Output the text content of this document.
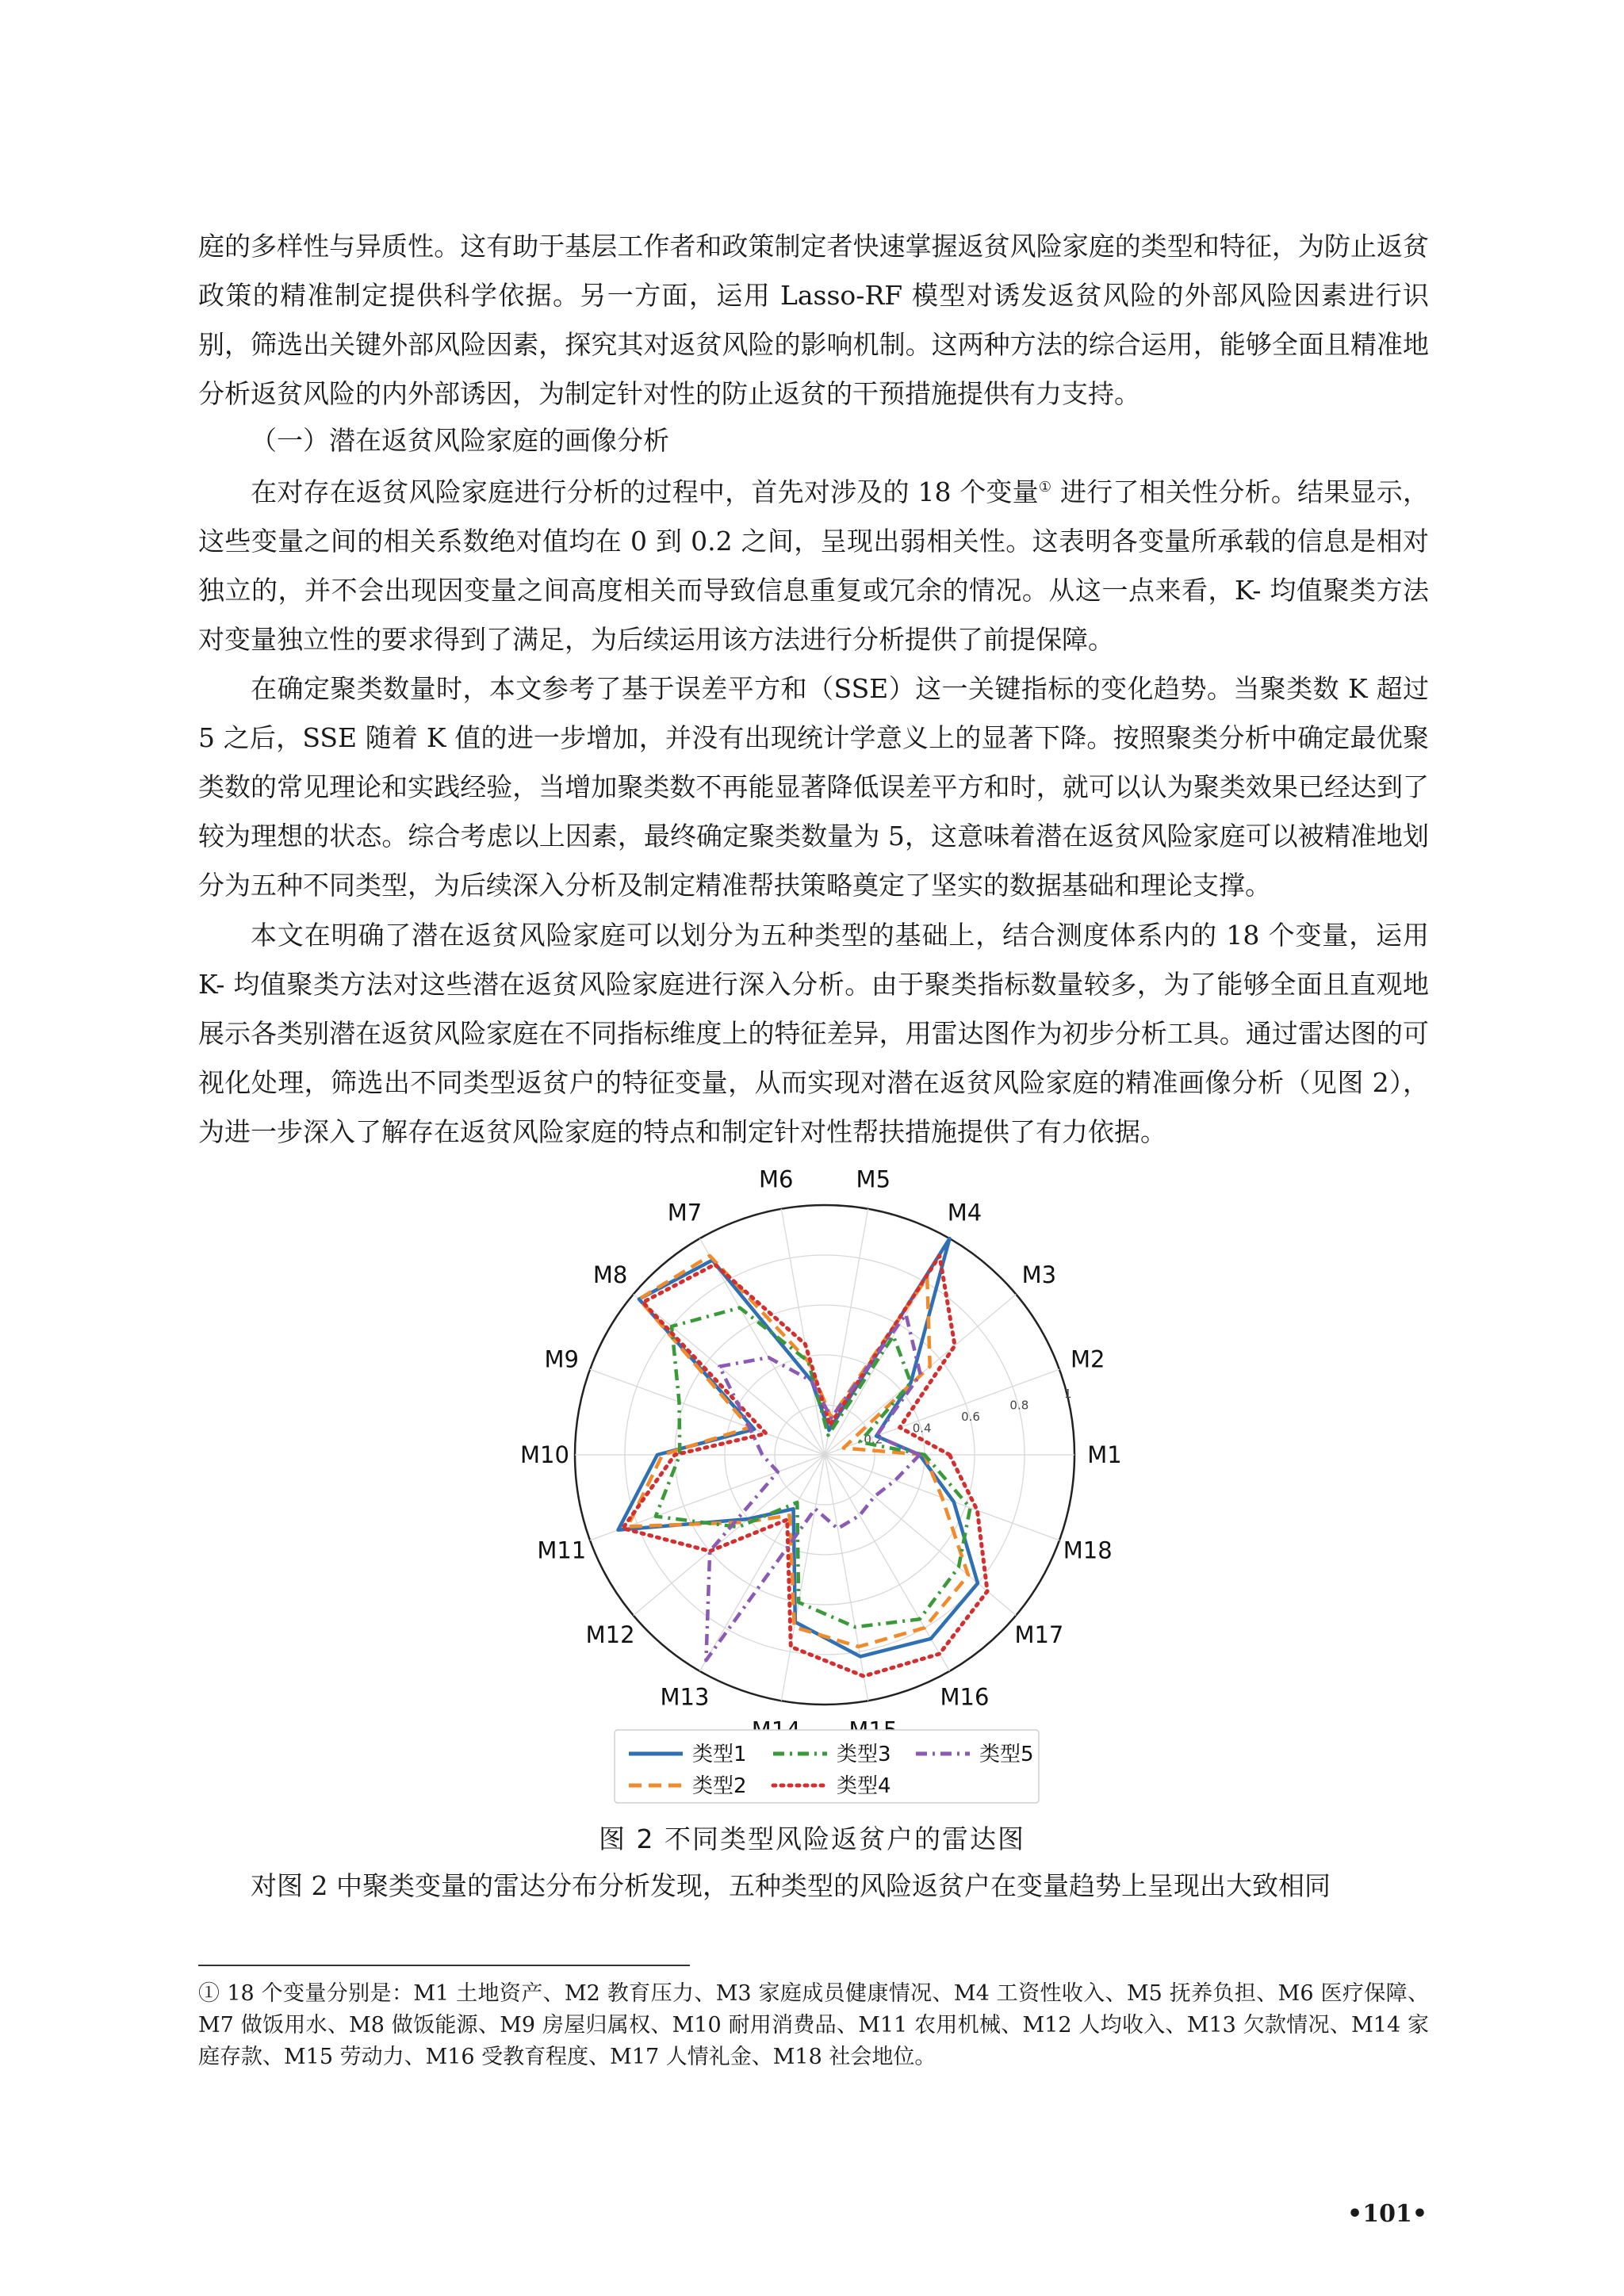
庭的多样性与异质性。这有助于基层工作者和政策制定者快速掌握返贫风险家庭的类型和特征，为防止返贫政策的精准制定提供科学依据。另一方面，运用 Lasso-RF 模型对诱发返贫风险的外部风险因素进行识别，筛选出关键外部风险因素，探究其对返贫风险的影响机制。这两种方法的综合运用，能够全面且精准地分析返贫风险的内外部诱因，为制定针对性的防止返贫的干预措施提供有力支持。

（一）潜在返贫风险家庭的画像分析

在对存在返贫风险家庭进行分析的过程中，首先对涉及的 18 个变量① 进行了相关性分析。结果显示，这些变量之间的相关系数绝对值均在 0 到 0.2 之间，呈现出弱相关性。这表明各变量所承载的信息是相对独立的，并不会出现因变量之间高度相关而导致信息重复或冗余的情况。从这一点来看，K- 均值聚类方法对变量独立性的要求得到了满足，为后续运用该方法进行分析提供了前提保障。

在确定聚类数量时，本文参考了基于误差平方和（SSE）这一关键指标的变化趋势。当聚类数 K 超过 5 之后，SSE 随着 K 值的进一步增加，并没有出现统计学意义上的显著下降。按照聚类分析中确定最优聚类数的常见理论和实践经验，当增加聚类数不再能显著降低误差平方和时，就可以认为聚类效果已经达到了较为理想的状态。综合考虑以上因素，最终确定聚类数量为 5，这意味着潜在返贫风险家庭可以被精准地划分为五种不同类型，为后续深入分析及制定精准帮扶策略奠定了坚实的数据基础和理论支撑。

本文在明确了潜在返贫风险家庭可以划分为五种类型的基础上，结合测度体系内的 18 个变量，运用 K- 均值聚类方法对这些潜在返贫风险家庭进行深入分析。由于聚类指标数量较多，为了能够全面且直观地展示各类别潜在返贫风险家庭在不同指标维度上的特征差异，用雷达图作为初步分析工具。通过雷达图的可视化处理，筛选出不同类型返贫户的特征变量，从而实现对潜在返贫风险家庭的精准画像分析（见图 2），为进一步深入了解存在返贫风险家庭的特点和制定针对性帮扶措施提供了有力依据。

0.2
0.4
0.6
0.8
1
M1
M2
M3
M4
M5
M6
M7
M8
M9
M10
M11
M12
M13	M16
M17
M18
类型1
类型2
类型3
类型4
类型5
图 2 不同类型风险返贫户的雷达图

对图 2 中聚类变量的雷达分布分析发现，五种类型的风险返贫户在变量趋势上呈现出大致相同

① 18 个变量分别是：M1 土地资产、M2 教育压力、M3 家庭成员健康情况、M4 工资性收入、M5 抚养负担、M6 医疗保障、M7 做饭用水、M8 做饭能源、M9 房屋归属权、M10 耐用消费品、M11 农用机械、M12 人均收入、M13 欠款情况、M14 家庭存款、M15 劳动力、M16 受教育程度、M17 人情礼金、M18 社会地位。

•101•
